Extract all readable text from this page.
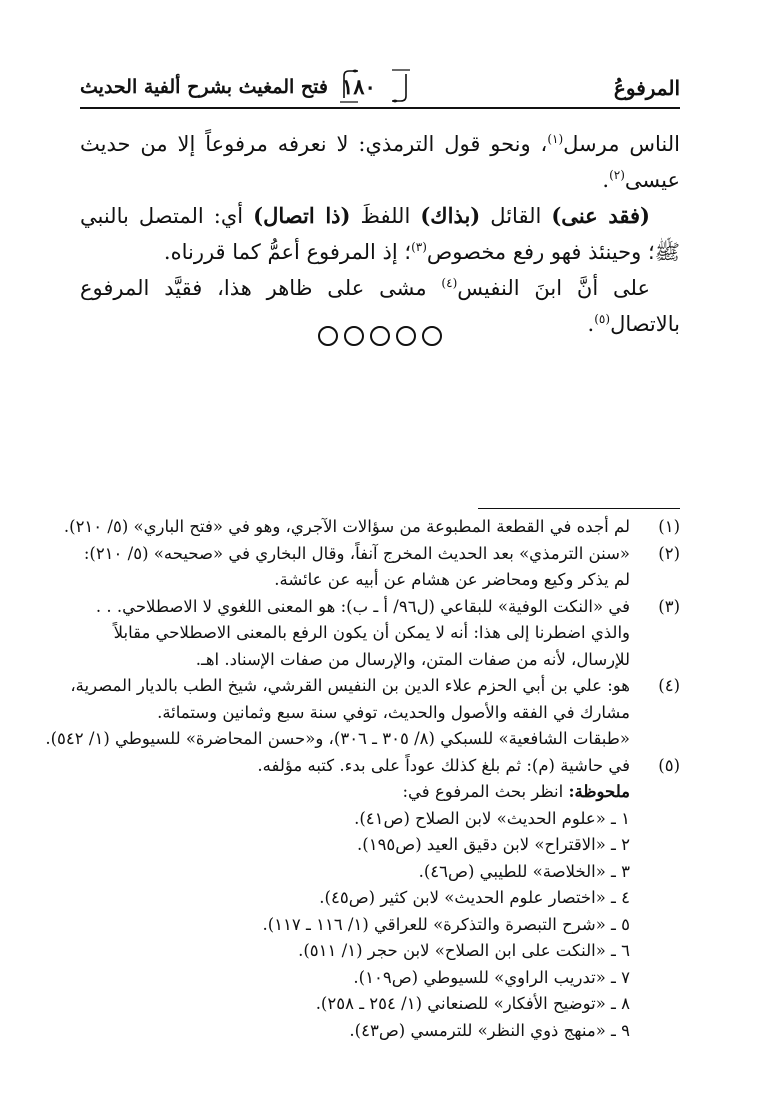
المرفوعُ
١٨٠
فتح المغيث بشرح ألفية الحديث

الناس مرسل$^{(١)}$، ونحو قول الترمذي: لا نعرفه مرفوعاً إلا من حديث عيسى$^{(٢)}$.

(فقد عنى) القائل (بذاك) اللفظَ (ذا اتصال) أي: المتصل بالنبي ﷺ؛ وحينئذ فهو رفع مخصوص$^{(٣)}$؛ إذ المرفوع أعمُّ كما قررناه.

على أنَّ ابنَ النفيس$^{(٤)}$ مشى على ظاهر هذا، فقيَّد المرفوع بالاتصال$^{(٥)}$.

(١)
لم أجده في القطعة المطبوعة من سؤالات الآجري، وهو في «فتح الباري» (٥/ ٢١٠).
(٢)
«سنن الترمذي» بعد الحديث المخرج آنفاً، وقال البخاري في «صحيحه» (٥/ ٢١٠):
لم يذكر وكيع ومحاضر عن هشام عن أبيه عن عائشة.
(٣)
في «النكت الوفية» للبقاعي (ل٩٦/ أ ـ ب): هو المعنى اللغوي لا الاصطلاحي. . .
والذي اضطرنا إلى هذا: أنه لا يمكن أن يكون الرفع بالمعنى الاصطلاحي مقابلاً
للإرسال، لأنه من صفات المتن، والإرسال من صفات الإسناد. اهـ.
(٤)
هو: علي بن أبي الحزم علاء الدين بن النفيس القرشي، شيخ الطب بالديار المصرية،
مشارك في الفقه والأصول والحديث، توفي سنة سبع وثمانين وستمائة.
«طبقات الشافعية» للسبكي (٨/ ٣٠٥ ـ ٣٠٦)، و«حسن المحاضرة» للسيوطي (١/ ٥٤٢).
(٥)
في حاشية (م): ثم بلغ كذلك عوداً على بدء. كتبه مؤلفه.
ملحوظة: انظر بحث المرفوع في:
١ ـ «علوم الحديث» لابن الصلاح (ص٤١).
٢ ـ «الاقتراح» لابن دقيق العيد (ص١٩٥).
٣ ـ «الخلاصة» للطيبي (ص٤٦).
٤ ـ «اختصار علوم الحديث» لابن كثير (ص٤٥).
٥ ـ «شرح التبصرة والتذكرة» للعراقي (١/ ١١٦ ـ ١١٧).
٦ ـ «النكت على ابن الصلاح» لابن حجر (١/ ٥١١).
٧ ـ «تدريب الراوي» للسيوطي (ص١٠٩).
٨ ـ «توضيح الأفكار» للصنعاني (١/ ٢٥٤ ـ ٢٥٨).
٩ ـ «منهج ذوي النظر» للترمسي (ص٤٣).
